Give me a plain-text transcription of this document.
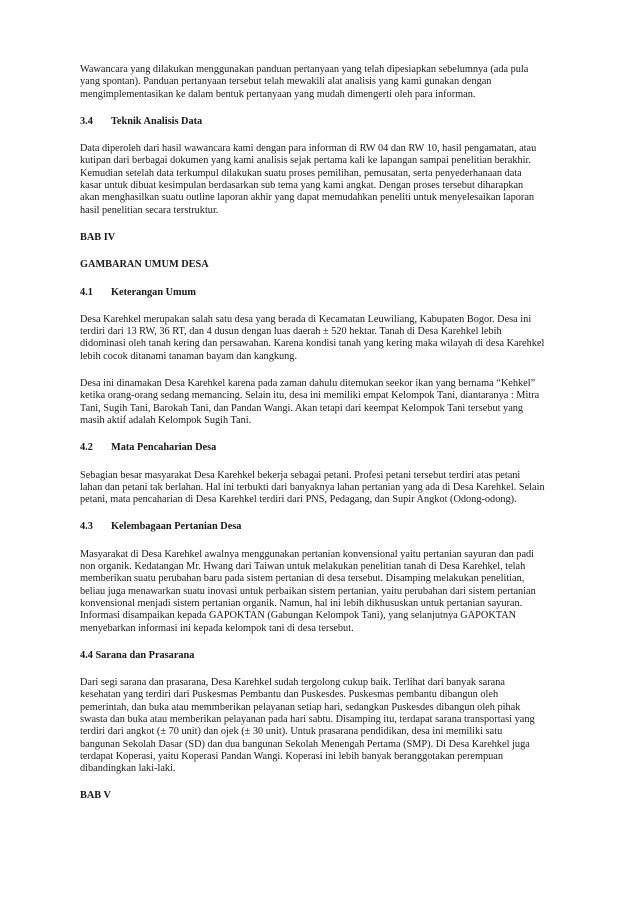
Wawancara yang dilakukan menggunakan panduan pertanyaan yang telah dipesiapkan sebelumnya (ada pula

yang spontan). Panduan pertanyaan tersebut telah mewakili alat analisis yang kami gunakan dengan

mengimplementasikan ke dalam bentuk pertanyaan yang mudah dimengerti oleh para informan.

3.4 Teknik Analisis Data

Data diperoleh dari hasil wawancara kami dengan para informan di RW 04 dan RW 10, hasil pengamatan, atau

kutipan dari berbagai dokumen yang kami analisis sejak pertama kali ke lapangan sampai penelitian berakhir.

Kemudian setelah data terkumpul dilakukan suatu proses pemilihan, pemusatan, serta penyederhanaan data

kasar untuk dibuat kesimpulan berdasarkan sub tema yang kami angkat. Dengan proses tersebut diharapkan

akan menghasilkan suatu outline laporan akhir yang dapat memudahkan peneliti untuk menyelesaikan laporan

hasil penelitian secara terstruktur.

BAB IV

GAMBARAN UMUM DESA

4.1 Keterangan Umum

Desa Karehkel merupakan salah satu desa yang berada di Kecamatan Leuwiliang, Kabupaten Bogor. Desa ini

terdiri dari 13 RW, 36 RT, dan 4 dusun dengan luas daerah ± 520 hektar. Tanah di Desa Karehkel lebih

didominasi oleh tanah kering dan persawahan. Karena kondisi tanah yang kering maka wilayah di desa Karehkel

lebih cocok ditanami tanaman bayam dan kangkung.

Desa ini dinamakan Desa Karehkel karena pada zaman dahulu ditemukan seekor ikan yang bernama “Kehkel”

ketika orang-orang sedang memancing. Selain itu, desa ini memiliki empat Kelompok Tani, diantaranya : Mitra

Tani, Sugih Tani, Barokah Tani, dan Pandan Wangi. Akan tetapi dari keempat Kelompok Tani tersebut yang

masih aktif adalah Kelompok Sugih Tani.

4.2 Mata Pencaharian Desa

Sebagian besar masyarakat Desa Karehkel bekerja sebagai petani. Profesi petani tersebut terdiri atas petani

lahan dan petani tak berlahan. Hal ini terbukti dari banyaknya lahan pertanian yang ada di Desa Karehkel. Selain

petani, mata pencaharian di Desa Karehkel terdiri dari PNS, Pedagang, dan Supir Angkot (Odong-odong).

4.3 Kelembagaan Pertanian Desa

Masyarakat di Desa Karehkel awalnya menggunakan pertanian konvensional yaitu pertanian sayuran dan padi

non organik. Kedatangan Mr. Hwang dari Taiwan untuk melakukan penelitian tanah di Desa Karehkel, telah

memberikan suatu perubahan baru pada sistem pertanian di desa tersebut. Disamping melakukan penelitian,

beliau juga menawarkan suatu inovasi untuk perbaikan sistem pertanian, yaitu perubahan dari sistem pertanian

konvensional menjadi sistem pertanian organik. Namun, hal ini lebih dikhususkan untuk pertanian sayuran.

Informasi disampaikan kepada GAPOKTAN (Gabungan Kelompok Tani), yang selanjutnya GAPOKTAN

menyebarkan informasi ini kepada kelompok tani di desa tersebut.

4.4 Sarana dan Prasarana

Dari segi sarana dan prasarana, Desa Karehkel sudah tergolong cukup baik. Terlihat dari banyak sarana

kesehatan yang terdiri dari Puskesmas Pembantu dan Puskesdes. Puskesmas pembantu dibangun oleh

pemerintah, dan buka atau memmberikan pelayanan setiap hari, sedangkan Puskesdes dibangun oleh pihak

swasta dan buka atau memberikan pelayanan pada hari sabtu. Disamping itu, terdapat sarana transportasi yang

terdiri dari angkot (± 70 unit) dan ojek (± 30 unit). Untuk prasarana pendidikan, desa ini memiliki satu

bangunan Sekolah Dasar (SD) dan dua bangunan Sekolah Menengah Pertama (SMP). Di Desa Karehkel juga

terdapat Koperasi, yaitu Koperasi Pandan Wangi. Koperasi ini lebih banyak beranggotakan perempuan

dibandingkan laki-laki.

BAB V
